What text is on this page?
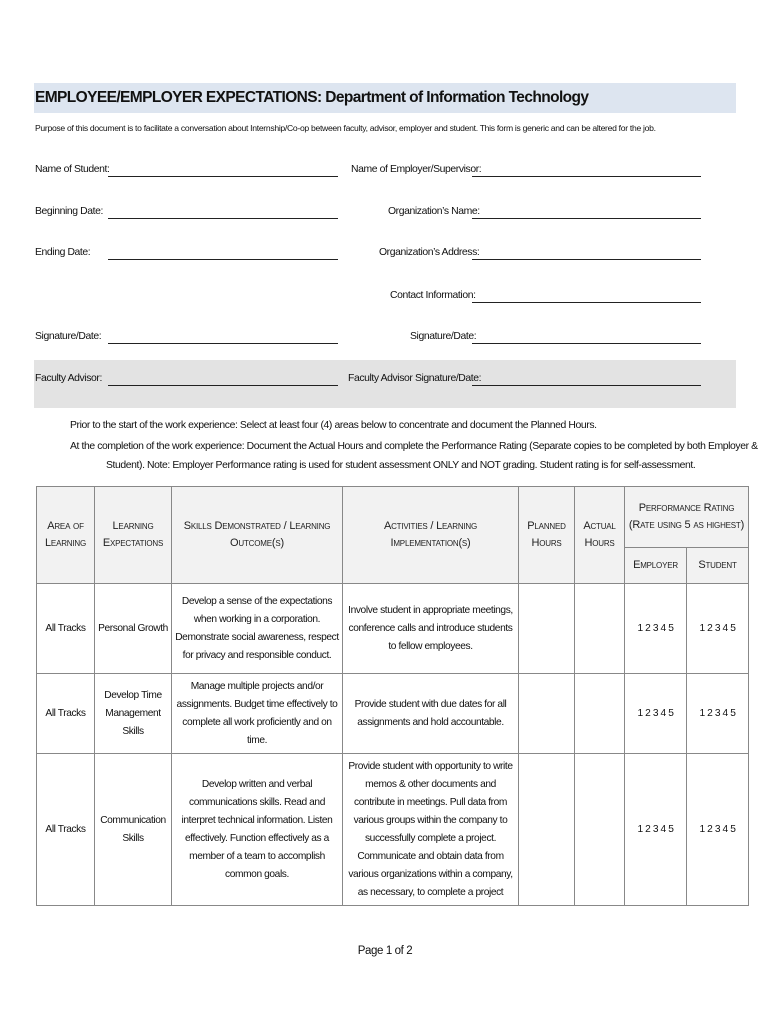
EMPLOYEE/EMPLOYER EXPECTATIONS: Department of Information Technology
Purpose of this document is to facilitate a conversation about Internship/Co-op between faculty, advisor, employer and student. This form is generic and can be altered for the job.
Name of Student:
Beginning Date:
Ending Date:
Signature/Date:
Faculty Advisor:
Name of Employer/Supervisor:
Organization’s Name:
Organization’s Address:
Contact Information:
Signature/Date:
Faculty Advisor Signature/Date:
Prior to the start of the work experience: Select at least four (4) areas below to concentrate and document the Planned Hours.
At the completion of the work experience: Document the Actual Hours and complete the Performance Rating (Separate copies to be completed by both Employer &
Student). Note: Employer Performance rating is used for student assessment ONLY and NOT grading. Student rating is for self-assessment.
Area of Learning	Learning Expectations	Skills Demonstrated / Learning Outcome(s)	Activities / Learning Implementation(s)	Planned Hours	Actual Hours	Performance Rating (Rate using 5 as highest)	
						Employer	Student
All Tracks	Personal Growth	Develop a sense of the expectations when working in a corporation. Demonstrate social awareness, respect for privacy and responsible conduct.	Involve student in appropriate meetings, conference calls and introduce students to fellow employees.			1 2 3 4 5	1 2 3 4 5
All Tracks	Develop Time Management Skills	Manage multiple projects and/or assignments. Budget time effectively to complete all work proficiently and on time.	Provide student with due dates for all assignments and hold accountable.			1 2 3 4 5	1 2 3 4 5
All Tracks	Communication Skills	Develop written and verbal communications skills. Read and interpret technical information. Listen effectively. Function effectively as a member of a team to accomplish common goals.	Provide student with opportunity to write memos & other documents and contribute in meetings. Pull data from various groups within the company to successfully complete a project. Communicate and obtain data from various organizations within a company, as necessary, to complete a project			1 2 3 4 5	1 2 3 4 5
Page 1 of 2
